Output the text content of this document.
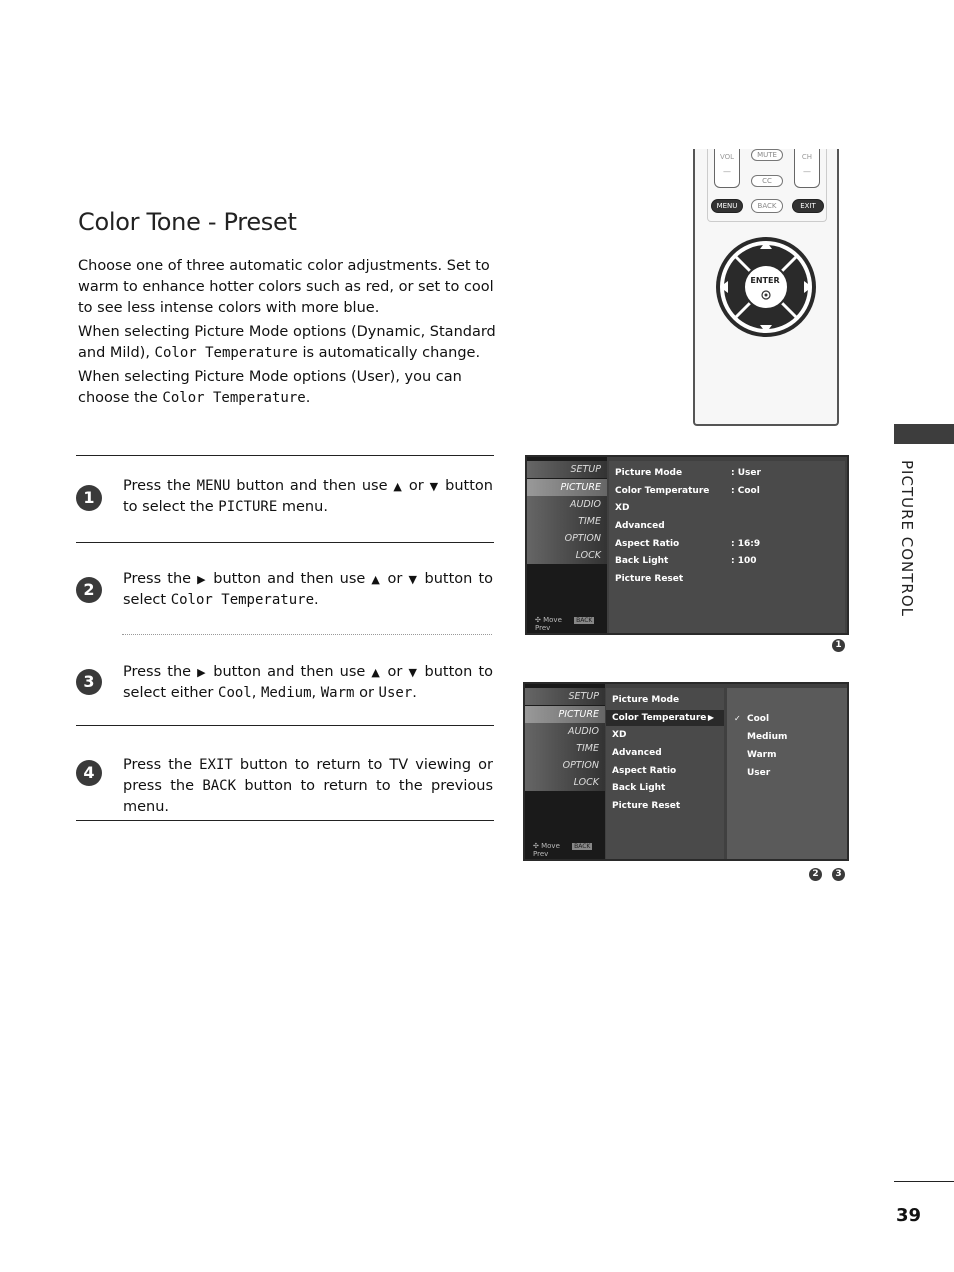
Color Tone - Preset

Choose one of three automatic color adjustments. Set to warm to enhance hotter colors such as red, or set to cool to see less intense colors with more blue.

When selecting Picture Mode options (Dynamic, Standard and Mild), Color Temperature is automatically change.

When selecting Picture Mode options (User), you can choose the Color Temperature.

1

Press the MENU button and then use ▲ or ▼ button to select the PICTURE menu.

2

Press the ▶ button and then use ▲ or ▼ button to select Color Temperature.

3	Press the ▶ button and then use ▲ or ▼ button to select either Cool, Medium, Warm or User.

4	Press the EXIT button to return to TV viewing or press the BACK button to return to the previous menu.

PICTURE CONTROL
39
VOL
—
CH
—
MUTE
CC
MENU	BACK	EXIT
ENTER
SETUP
PICTURE
AUDIO
TIME
OPTION
LOCK
✣ Move BACK Prev
Picture Mode	: User
Color Temperature : Cool
XD
Advanced
Aspect Ratio	: 16:9
Back Light	: 100
Picture Reset
1
SETUP
PICTURE
AUDIO
TIME
OPTION
LOCK
✣ Move BACK Prev
Picture Mode
Color Temperature ▶
XD
Advanced
Aspect Ratio
Back Light
Picture Reset
✓ Cool
Medium
Warm
User
2	3
